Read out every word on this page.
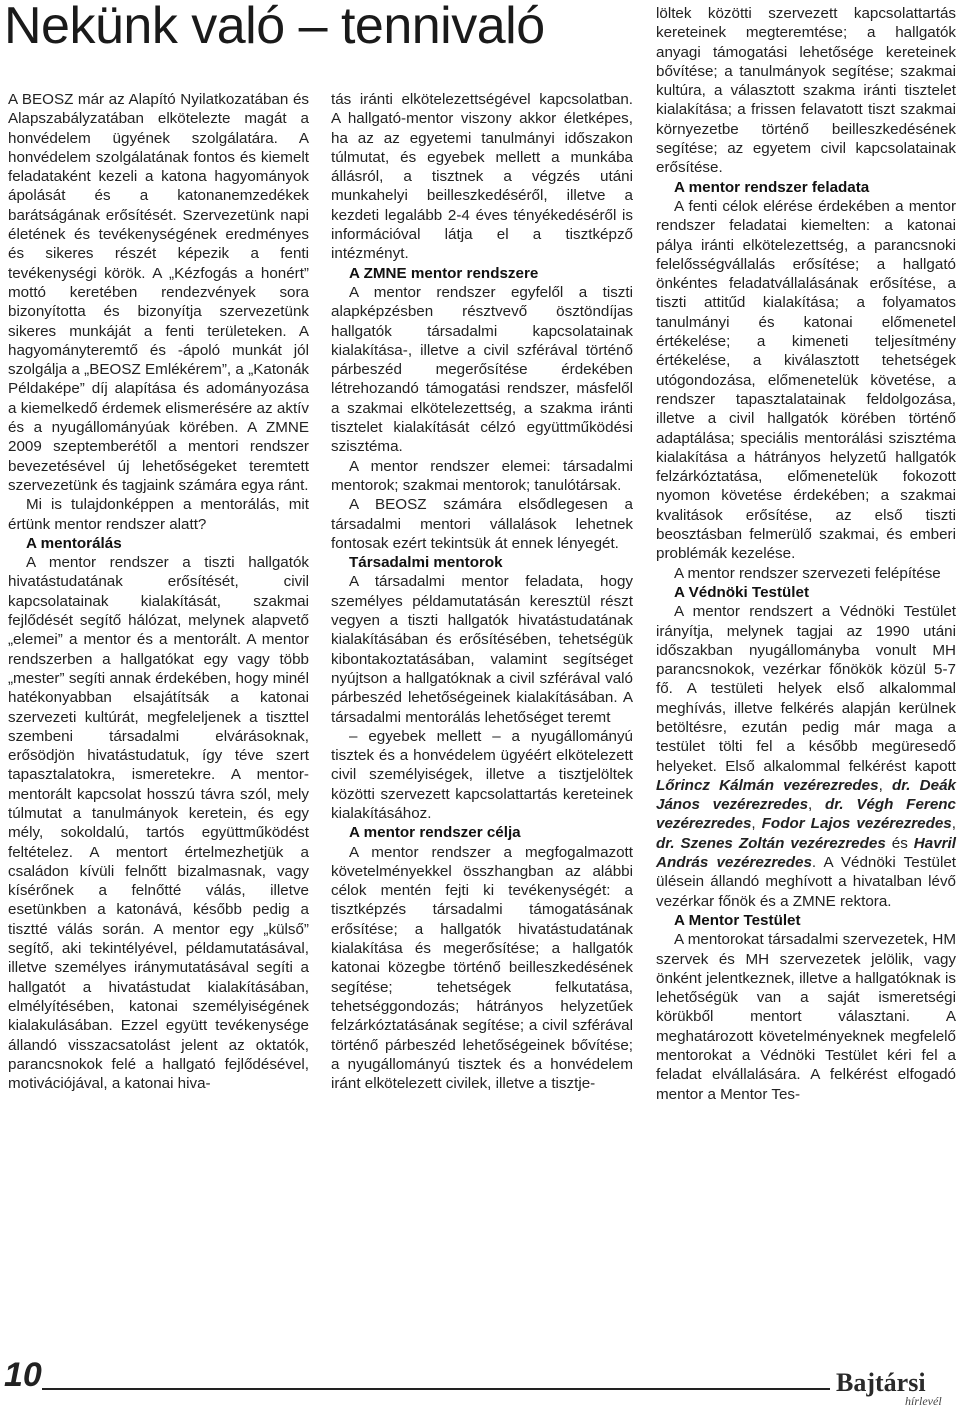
Nekünk való – tennivaló

A BEOSZ már az Alapító Nyilatkozatában és Alapszabályzatában elkötelezte magát a honvédelem ügyének szolgálatára. A honvédelem szolgálatának fontos és kiemelt feladataként kezeli a katona hagyományok ápolását és a katonanemzedékek barátságának erősítését. Szervezetünk napi életének és tevékenységének eredményes és sikeres részét képezik a fenti tevékenységi körök. A „Kézfogás a honért” mottó keretében rendezvények sora bizonyította és bizonyítja szervezetünk sikeres munkáját a fenti területeken. A hagyományteremtő és -ápoló munkát jól szolgálja a „BEOSZ Emlékérem”, a „Katonák Példaképe” díj alapítása és adományozása a kiemelkedő érdemek elismerésére az aktív és a nyugállományúak körében. A ZMNE 2009 szeptemberétől a mentori rendszer bevezetésével új lehetőségeket teremtett szervezetünk és tagjaink számára egya ránt.

Mi is tulajdonképpen a mentorálás, mit értünk mentor rendszer alatt?

A mentorálás

A mentor rendszer a tiszti hallgatók hivatástudatának erősítését, civil kapcsolatainak kialakítását, szakmai fejlődését segítő hálózat, melynek alapvető „elemei” a mentor és a mentorált. A mentor rendszerben a hallgatókat egy vagy több „mester” segíti annak érdekében, hogy minél hatékonyabban elsajátítsák a katonai szervezeti kultúrát, megfeleljenek a tiszttel szembeni társadalmi elvárásoknak, erősödjön hivatástudatuk, így téve szert tapasztalatokra, ismeretekre. A mentor-mentorált kapcsolat hosszú távra szól, mely túlmutat a tanulmányok keretein, és egy mély, sokoldalú, tartós együttműködést feltételez. A mentort értelmezhetjük a családon kívüli felnőtt bizalmasnak, vagy kísérőnek a felnőtté válás, illetve esetünkben a katonává, később pedig a tisztté válás során. A mentor egy „külső” segítő, aki tekintélyével, példamutatásával, illetve személyes iránymutatásával segíti a hallgatót a hivatástudat kialakításában, elmélyítésében, katonai személyiségének kialakulásában. Ezzel együtt tevékenysége állandó visszacsatolást jelent az oktatók, parancsnokok felé a hallgató fejlődésével, motivációjával, a katonai hiva-

tás iránti elkötelezettségével kapcsolatban. A hallgató-mentor viszony akkor életképes, ha az az egyetemi tanulmányi időszakon túlmutat, és egyebek mellett a munkába állásról, a tisztnek a végzés utáni munkahelyi beilleszkedéséről, illetve a kezdeti legalább 2-4 éves tényékedéséről is információval látja el a tisztképző intézményt.

A ZMNE mentor rendszere

A mentor rendszer egyfelől a tiszti alapképzésben résztvevő ösztöndíjas hallgatók társadalmi kapcsolatainak kialakítása-, illetve a civil szférával történő párbeszéd megerősítése érdekében létrehozandó támogatási rendszer, másfelől a szakmai elkötelezettség, a szakma iránti tisztelet kialakítását célzó együttműködési szisztéma.

A mentor rendszer elemei: társadalmi mentorok; szakmai mentorok; tanulótársak.

A BEOSZ számára elsődlegesen a társadalmi mentori vállalások lehetnek fontosak ezért tekintsük át ennek lényegét.

Társadalmi mentorok

A társadalmi mentor feladata, hogy személyes példamutatásán keresztül részt vegyen a tiszti hallgatók hivatástudatának kialakításában és erősítésében, tehetségük kibontakoztatásában, valamint segítséget nyújtson a hallgatóknak a civil szférával való párbeszéd lehetőségeinek kialakításában. A társadalmi mentorálás lehetőséget teremt

– egyebek mellett – a nyugállományú tisztek és a honvédelem ügyéért elkötelezett civil személyiségek, illetve a tisztjelöltek közötti szervezett kapcsolattartás kereteinek kialakításához.

A mentor rendszer célja

A mentor rendszer a megfogalmazott követelményekkel összhangban az alábbi célok mentén fejti ki tevékenységét: a tisztképzés társadalmi támogatásának erősítése; a hallgatók hivatástudatának kialakítása és megerősítése; a hallgatók katonai közegbe történő beilleszkedésének segítése; tehetségek felkutatása, tehetséggondozás; hátrányos helyzetűek felzárkóztatásának segítése; a civil szférával történő párbeszéd lehetőségeinek bővítése; a nyugállományú tisztek és a honvédelem iránt elkötelezett civilek, illetve a tisztje-

löltek közötti szervezett kapcsolattartás kereteinek megteremtése; a hallgatók anyagi támogatási lehetősége kereteinek bővítése; a tanulmányok segítése; szakmai kultúra, a választott szakma iránti tisztelet kialakítása; a frissen felavatott tiszt szakmai környezetbe történő beilleszkedésének segítése; az egyetem civil kapcsolatainak erősítése.

A mentor rendszer feladata

A fenti célok elérése érdekében a mentor rendszer feladatai kiemelten: a katonai pálya iránti elkötelezettség, a parancsnoki felelősségvállalás erősítése; a hallgató önkéntes feladatvállalásának erősítése, a tiszti attitűd kialakítása; a folyamatos tanulmányi és katonai előmenetel értékelése; a kimeneti teljesítmény értékelése, a kiválasztott tehetségek utógondozása, előmenetelük követése, a rendszer tapasztalatainak feldolgozása, illetve a civil hallgatók körében történő adaptálása; speciális mentorálási szisztéma kialakítása a hátrányos helyzetű hallgatók felzárkóztatása, előmenetelük fokozott nyomon követése érdekében; a szakmai kvalitások erősítése, az első tiszti beosztásban felmerülő szakmai, és emberi problémák kezelése.

A mentor rendszer szervezeti felépítése

A Védnöki Testület

A mentor rendszert a Védnöki Testület irányítja, melynek tagjai az 1990 utáni időszakban nyugállományba vonult MH parancsnokok, vezérkar főnökök közül 5-7 fő. A testületi helyek első alkalommal meghívás, illetve felkérés alapján kerülnek betöltésre, ezután pedig már maga a testület tölti fel a később megüresedő helyeket. Első alkalommal felkérést kapott Lőrincz Kálmán vezérezredes, dr. Deák János vezérezredes, dr. Végh Ferenc vezérezredes, Fodor Lajos vezérezredes, dr. Szenes Zoltán vezérezredes és Havril András vezérezredes. A Védnöki Testület ülésein állandó meghívott a hivatalban lévő vezérkar főnök és a ZMNE rektora.

A Mentor Testület

A mentorokat társadalmi szervezetek, HM szervek és MH szervezetek jelölik, vagy önként jelentkeznek, illetve a hallgatóknak is lehetőségük van a saját ismeretségi körükből mentort választani. A meghatározott követelményeknek megfelelő mentorokat a Védnöki Testület kéri fel a feladat elvállalására. A felkérést elfogadó mentor a Mentor Tes-

10	Bajtársi
hírlevél
